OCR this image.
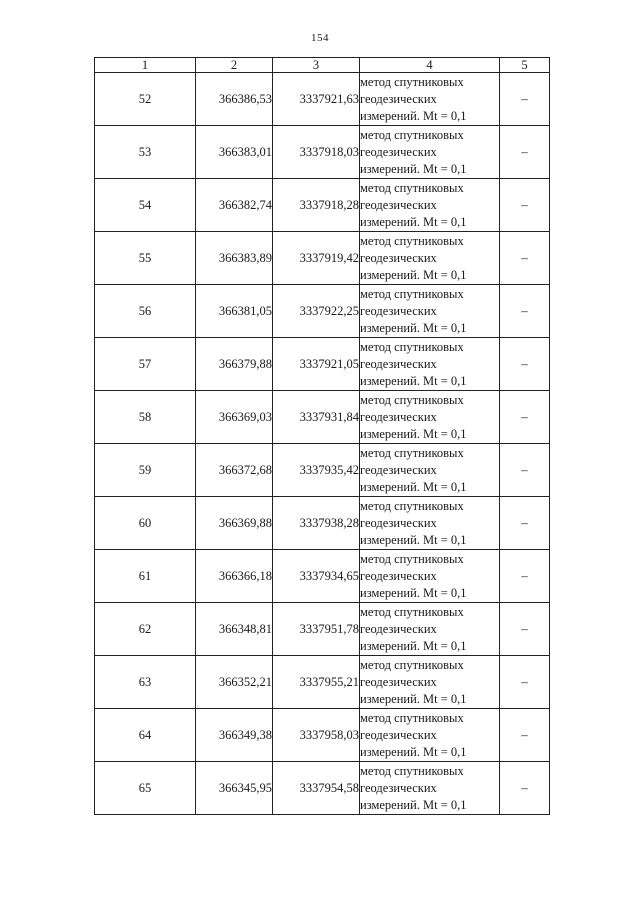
154
1	2	3	4	5
52	366386,53	3337921,63	метод спутниковых
геодезических
измерений. Mt = 0,1	–
53	366383,01	3337918,03	метод спутниковых
геодезических
измерений. Mt = 0,1	–
54	366382,74	3337918,28	метод спутниковых
геодезических
измерений. Mt = 0,1	–
55	366383,89	3337919,42	метод спутниковых
геодезических
измерений. Mt = 0,1	–
56	366381,05	3337922,25	метод спутниковых
геодезических
измерений. Mt = 0,1	–
57	366379,88	3337921,05	метод спутниковых
геодезических
измерений. Mt = 0,1	–
58	366369,03	3337931,84	метод спутниковых
геодезических
измерений. Mt = 0,1	–
59	366372,68	3337935,42	метод спутниковых
геодезических
измерений. Mt = 0,1	–
60	366369,88	3337938,28	метод спутниковых
геодезических
измерений. Mt = 0,1	–
61	366366,18	3337934,65	метод спутниковых
геодезических
измерений. Mt = 0,1	–
62	366348,81	3337951,78	метод спутниковых
геодезических
измерений. Mt = 0,1	–
63	366352,21	3337955,21	метод спутниковых
геодезических
измерений. Mt = 0,1	–
64	366349,38	3337958,03	метод спутниковых
геодезических
измерений. Mt = 0,1	–
65	366345,95	3337954,58	метод спутниковых
геодезических
измерений. Mt = 0,1	–
